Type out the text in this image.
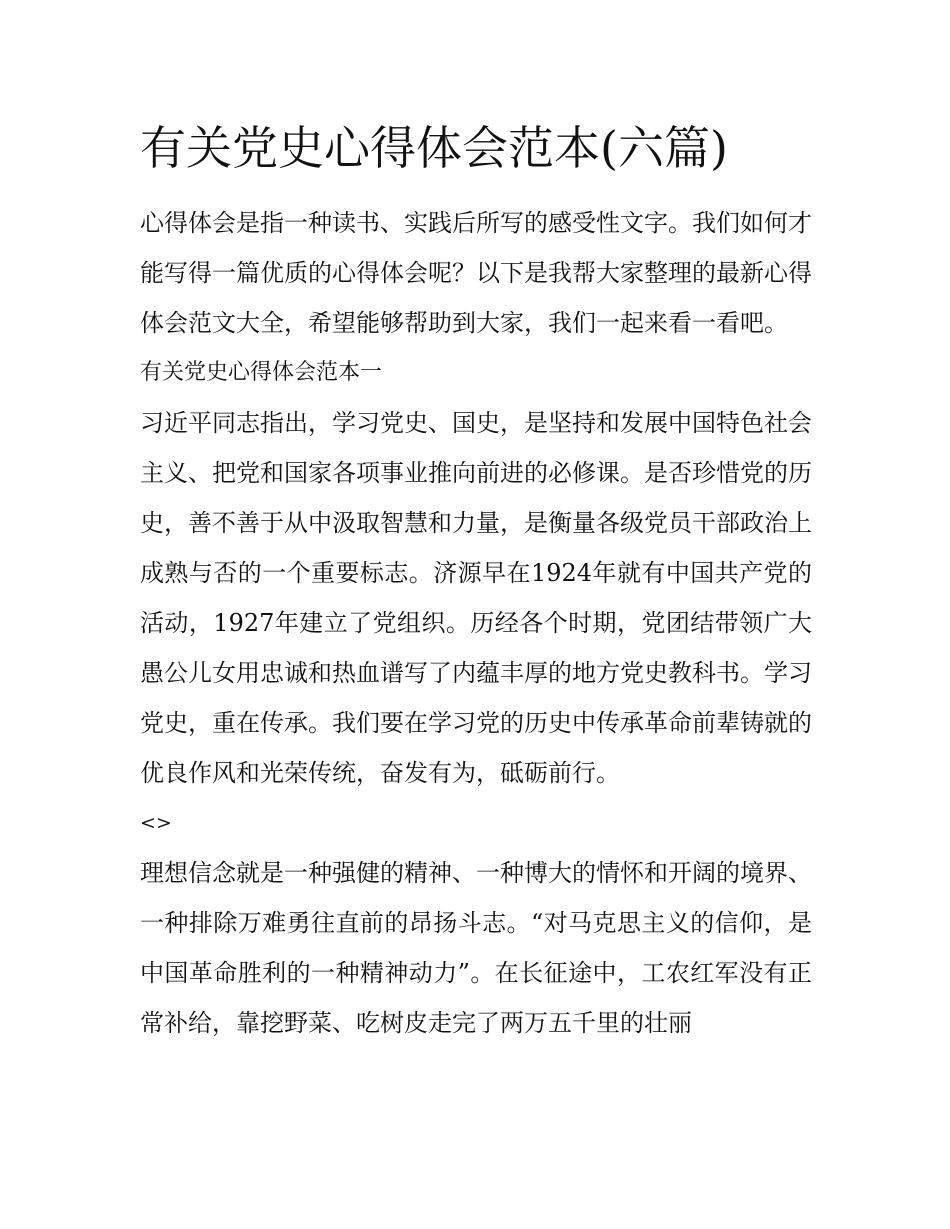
有关党史心得体会范本(六篇)

心得体会是指一种读书、实践后所写的感受性文字。我们如何才能写得一篇优质的心得体会呢？以下是我帮大家整理的最新心得体会范文大全，希望能够帮助到大家，我们一起来看一看吧。

有关党史心得体会范本一

习近平同志指出，学习党史、国史，是坚持和发展中国特色社会主义、把党和国家各项事业推向前进的必修课。是否珍惜党的历史，善不善于从中汲取智慧和力量，是衡量各级党员干部政治上成熟与否的一个重要标志。济源早在1924年就有中国共产党的活动，1927年建立了党组织。历经各个时期，党团结带领广大愚公儿女用忠诚和热血谱写了内蕴丰厚的地方党史教科书。学习党史，重在传承。我们要在学习党的历史中传承革命前辈铸就的优良作风和光荣传统，奋发有为，砥砺前行。

<>

理想信念就是一种强健的精神、一种博大的情怀和开阔的境界、一种排除万难勇往直前的昂扬斗志。“对马克思主义的信仰，是中国革命胜利的一种精神动力”。在长征途中，工农红军没有正常补给，靠挖野菜、吃树皮走完了两万五千里的壮丽
